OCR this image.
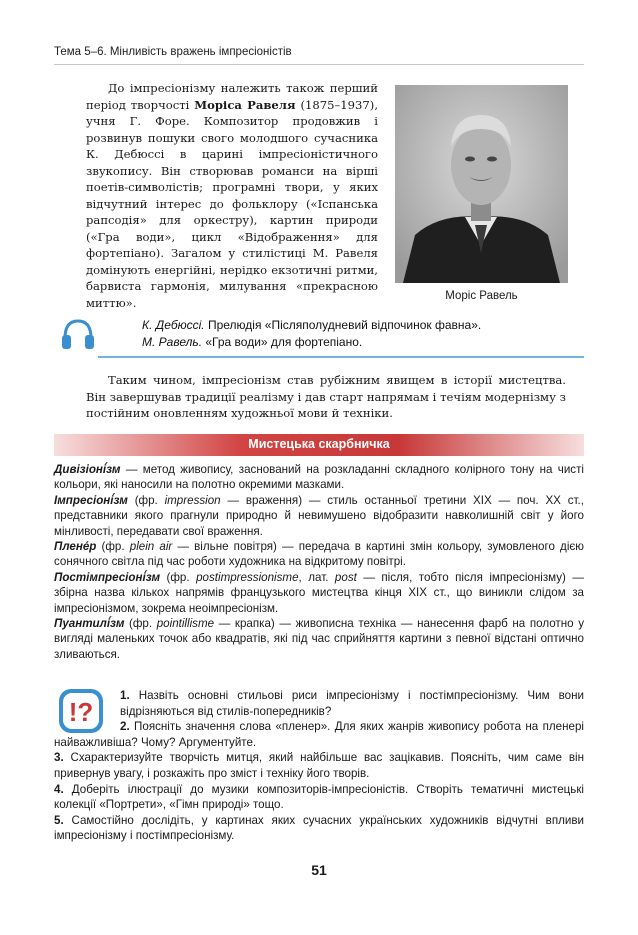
Тема 5–6. Мінливість вражень імпресіоністів

До імпресіонізму належить також перший період творчості Моріса Равеля (1875–1937), учня Г. Форе. Композитор продовжив і розвинув пошуки свого молодшого сучасника К. Дебюссі в царині імпресіоністичного звукопису. Він створював романси на вірші поетів-символістів; програмні твори, у яких відчутний інтерес до фольклору («Іспанська рапсодія» для оркестру), картин природи («Гра води», цикл «Відображення» для фортепіано). Загалом у стилістиці М. Равеля домінують енергійні, нерідко екзотичні ритми, барвиста гармонія, милування «прекрасною миттю».	Моріс Равель
К. Дебюссі. Прелюдія «Післяполудневий відпочинок фавна».
М. Равель. «Гра води» для фортепіано.

Таким чином, імпресіонізм став рубіжним явищем в історії мистецтва. Він завершував традиції реалізму і дав старт напрямам і течіям модернізму з постійним оновленням художньої мови й техніки.

Мистецька скарбничка

Дивізіоні́зм — метод живопису, заснований на розкладанні складного колірного тону на чисті кольори, які наносили на полотно окремими мазками.

Імпресіоні́зм (фр. impression — враження) — стиль останньої третини XIX — поч. XX ст., представники якого прагнули природно й невимушено відобразити навколишній світ у його мінливості, передавати свої враження.

Плене́р (фр. plein air — вільне повітря) — передача в картині змін кольору, зумовленого дією сонячного світла під час роботи художника на відкритому повітрі.

Постімпресіоні́зм (фр. postimpressionisme, лат. post — після, тобто після імпресіонізму) — збірна назва кількох напрямів французького мистецтва кінця XIX ст., що виникли слідом за імпресіонізмом, зокрема неоімпресіонізм.

Пуантилі́зм (фр. pointillisme — крапка) — живописна техніка — нанесення фарб на полотно у вигляді маленьких точок або квадратів, які під час сприйняття картини з певної відстані оптично зливаються.

!?

1. Назвіть основні стильові риси імпресіонізму і постімпресіонізму. Чим вони відрізняються від стилів-попередників?

2. Поясніть значення слова «пленер». Для яких жанрів живопису робота на пленері найважливіша? Чому? Аргументуйте.

3. Схарактеризуйте творчість митця, який найбільше вас зацікавив. Поясніть, чим саме він привернув увагу, і розкажіть про зміст і техніку його творів.

4. Доберіть ілюстрації до музики композиторів-імпресіоністів. Створіть тематичні мистецькі колекції «Портрети», «Гімн природі» тощо.

5. Самостійно дослідіть, у картинах яких сучасних українських художників відчутні впливи імпресіонізму і постімпресіонізму.

51
